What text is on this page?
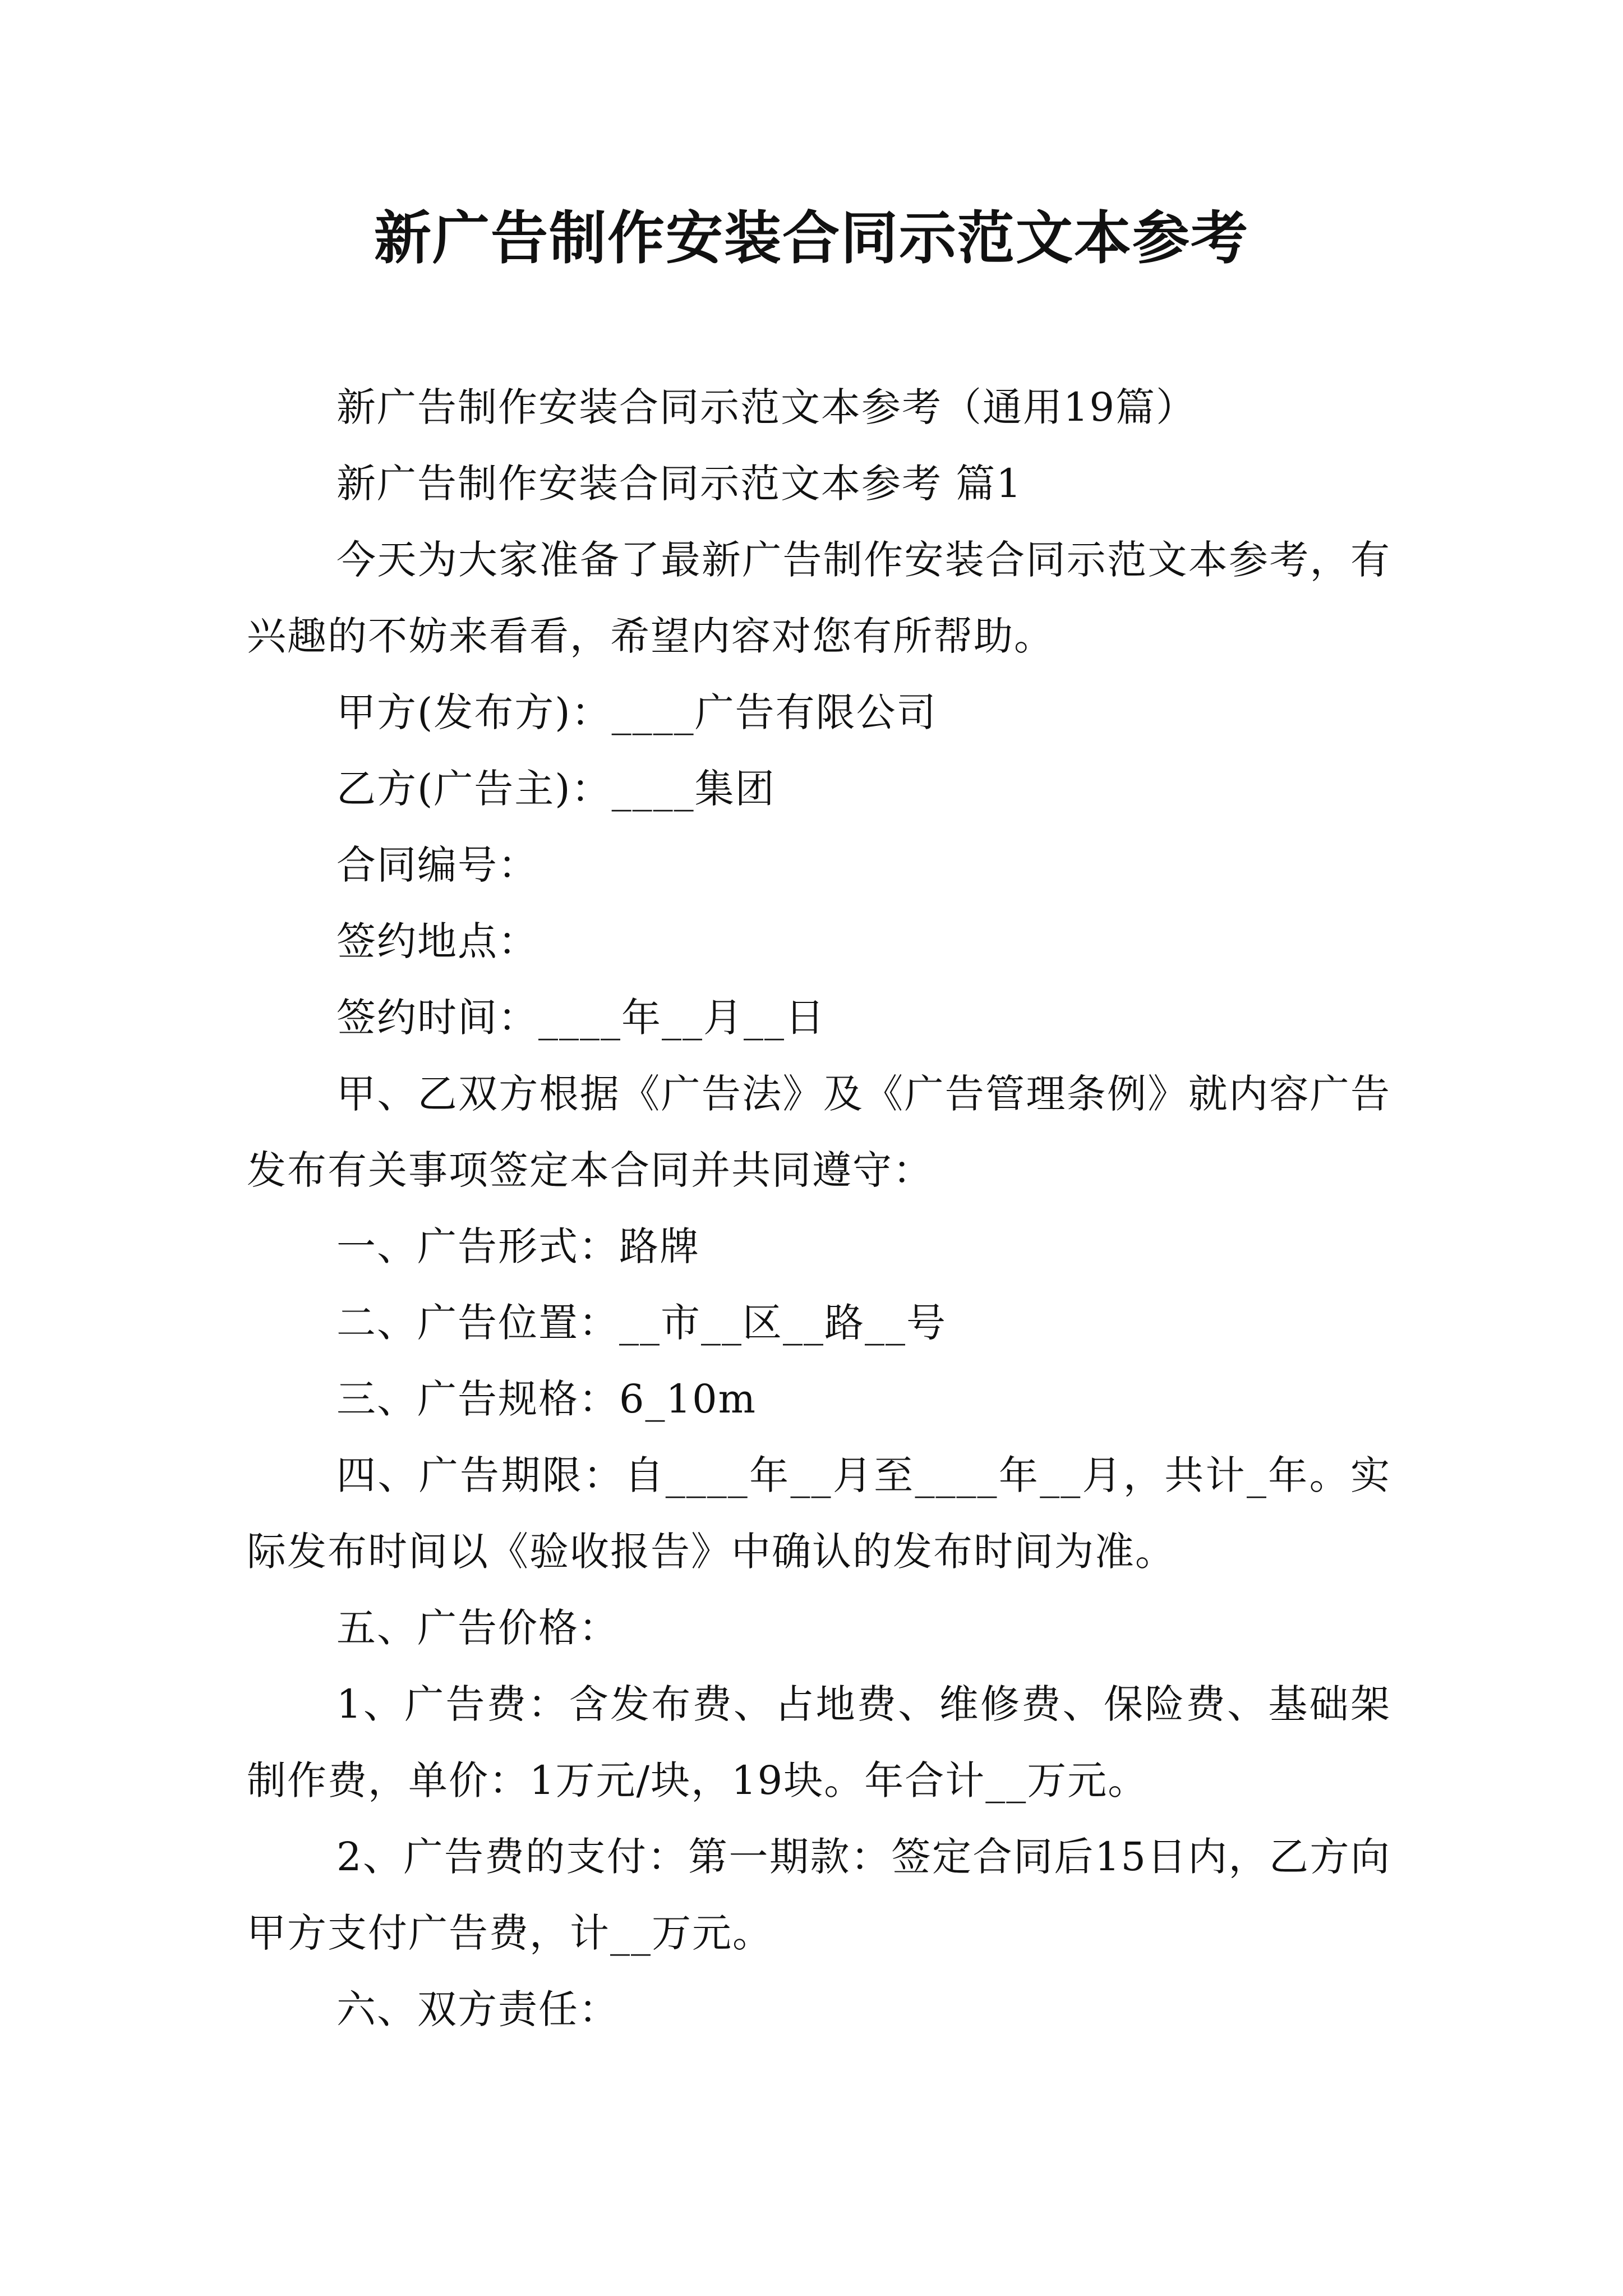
新广告制作安装合同示范文本参考

新广告制作安装合同示范文本参考（通用19篇）

新广告制作安装合同示范文本参考 篇1

今天为大家准备了最新广告制作安装合同示范文本参考，有兴趣的不妨来看看，希望内容对您有所帮助。

甲方(发布方)：____广告有限公司

乙方(广告主)：____集团

合同编号：

签约地点：

签约时间：____年__月__日

甲、乙双方根据《广告法》及《广告管理条例》就内容广告发布有关事项签定本合同并共同遵守：

一、广告形式：路牌

二、广告位置：__市__区__路__号

三、广告规格：6_10m

四、广告期限：自____年__月至____年__月，共计_年。实际发布时间以《验收报告》中确认的发布时间为准。

五、广告价格：

1、广告费：含发布费、占地费、维修费、保险费、基础架制作费，单价：1万元/块，19块。年合计__万元。

2、广告费的支付：第一期款：签定合同后15日内，乙方向甲方支付广告费，计__万元。

六、双方责任：
